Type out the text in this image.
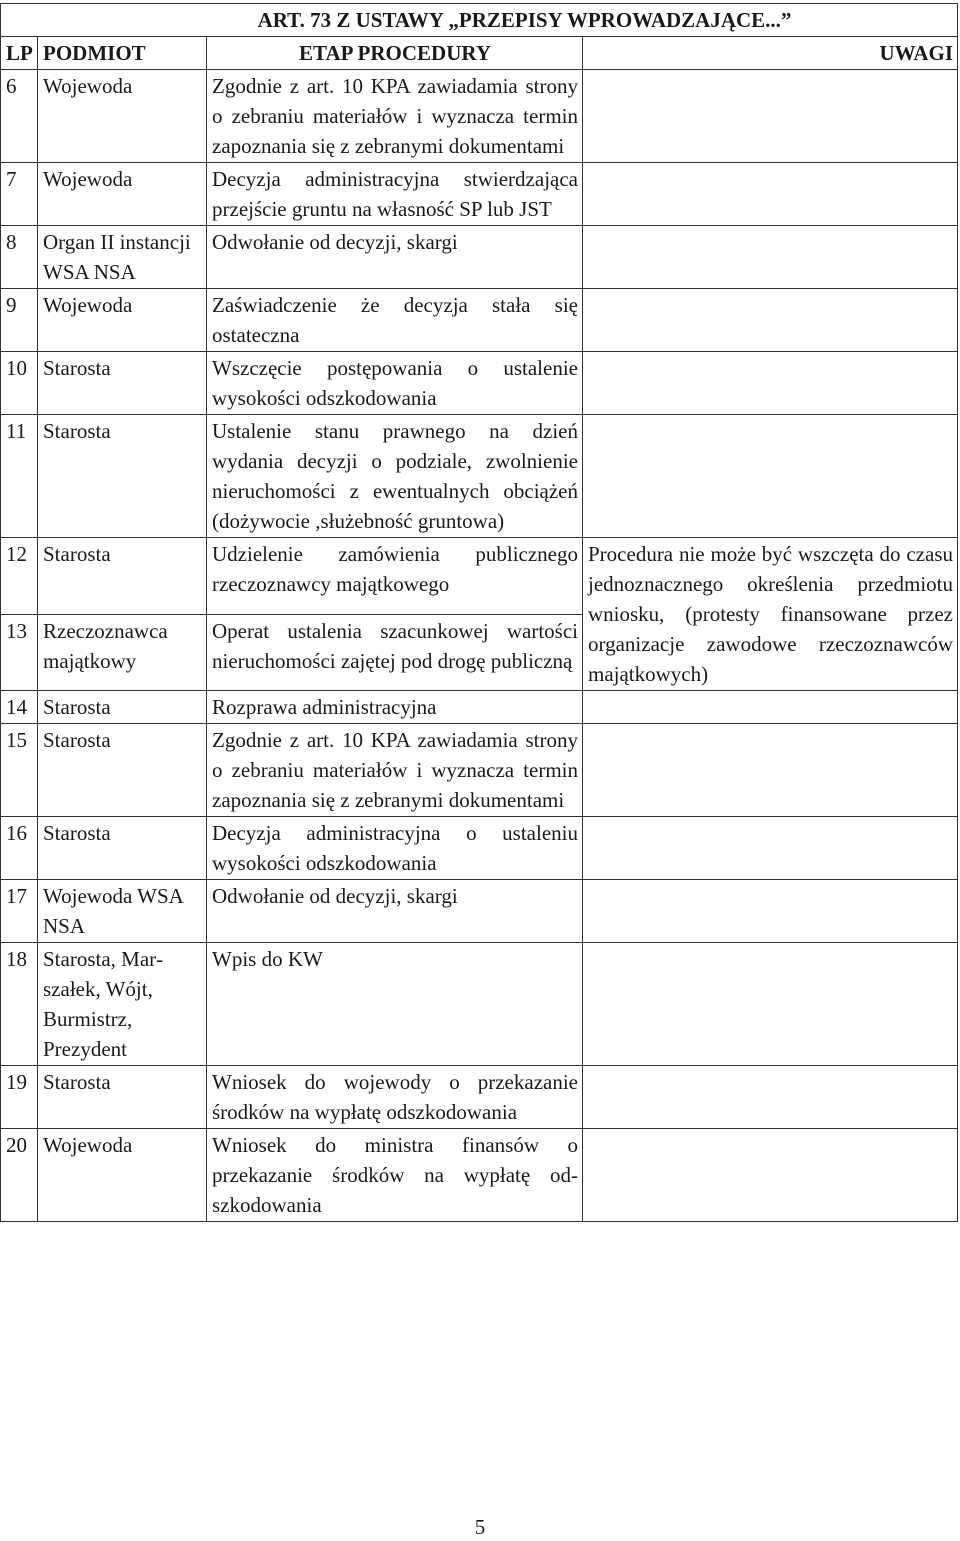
ART. 73 Z USTAWY „PRZEPISY WPROWADZAJĄCE...”			
LP	PODMIOT	ETAP PROCEDURY	UWAGI
6	Wojewoda	Zgodnie z art. 10 KPA zawiadamia strony o zebraniu materiałów i wyznacza termin zapoznania się z zebranymi dokumentami	
7	Wojewoda	Decyzja administracyjna stwierdzająca przejście gruntu na własność SP lub JST	
8	Organ II instancji WSA NSA	Odwołanie od decyzji, skargi	
9	Wojewoda	Zaświadczenie że decyzja stała się ostateczna	
10	Starosta	Wszczęcie postępowania o ustalenie wysokości odszkodowania	
11	Starosta	Ustalenie stanu prawnego na dzień wydania decyzji o podziale, zwolnienie nieruchomości z ewentualnych obciążeń (dożywocie ,służebność gruntowa)	
12	Starosta	Udzielenie zamówienia publicznego rzeczoznawcy majątkowego	Procedura nie może być wszczęta do czasu jednoznacznego określenia przedmiotu wniosku, (protesty finansowane przez organizacje zawodowe rzeczoznawców majątkowych)
13	Rzeczoznawca majątkowy	Operat ustalenia szacunkowej wartości nieruchomości zajętej pod drogę publiczną	
14	Starosta	Rozprawa administracyjna	
15	Starosta	Zgodnie z art. 10 KPA zawiadamia strony o zebraniu materiałów i wyznacza termin zapoznania się z zebranymi dokumentami	
16	Starosta	Decyzja administracyjna o ustaleniu wysokości odszkodowania	
17	Wojewoda WSA NSA	Odwołanie od decyzji, skargi	
18	Starosta, Marszałek, Wójt, Burmistrz, Prezydent	Wpis do KW	
19	Starosta	Wniosek do wojewody o przekazanie środków na wypłatę odszkodowania	
20	Wojewoda	Wniosek do ministra finansów o przekazanie środków na wypłatę odszkodowania	
5
